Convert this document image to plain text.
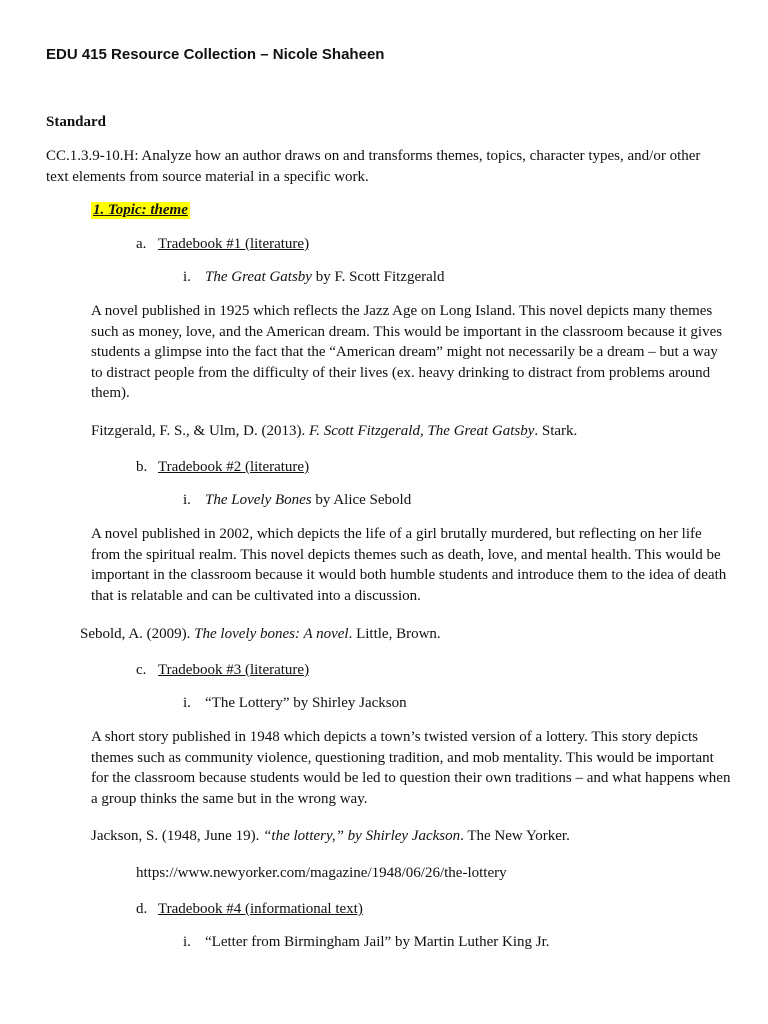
EDU 415 Resource Collection – Nicole Shaheen
Standard

CC.1.3.9-10.H: Analyze how an author draws on and transforms themes, topics, character types, and/or other text elements from source material in a specific work.

1. Topic: theme
a. Tradebook #1 (literature)
i. The Great Gatsby by F. Scott Fitzgerald

A novel published in 1925 which reflects the Jazz Age on Long Island. This novel depicts many themes such as money, love, and the American dream. This would be important in the classroom because it gives students a glimpse into the fact that the “American dream” might not necessarily be a dream – but a way to distract people from the difficulty of their lives (ex. heavy drinking to distract from problems around them).

Fitzgerald, F. S., & Ulm, D. (2013). F. Scott Fitzgerald, The Great Gatsby. Stark.
b. Tradebook #2 (literature)
i. The Lovely Bones by Alice Sebold

A novel published in 2002, which depicts the life of a girl brutally murdered, but reflecting on her life from the spiritual realm. This novel depicts themes such as death, love, and mental health. This would be important in the classroom because it would both humble students and introduce them to the idea of death that is relatable and can be cultivated into a discussion.

Sebold, A. (2009). The lovely bones: A novel. Little, Brown.
c. Tradebook #3 (literature)
i. “The Lottery” by Shirley Jackson

A short story published in 1948 which depicts a town’s twisted version of a lottery. This story depicts themes such as community violence, questioning tradition, and mob mentality. This would be important for the classroom because students would be led to question their own traditions – and what happens when a group thinks the same but in the wrong way.

Jackson, S. (1948, June 19). “the lottery,” by Shirley Jackson. The New Yorker.
https://www.newyorker.com/magazine/1948/06/26/the-lottery
d. Tradebook #4 (informational text)
i. “Letter from Birmingham Jail” by Martin Luther King Jr.
